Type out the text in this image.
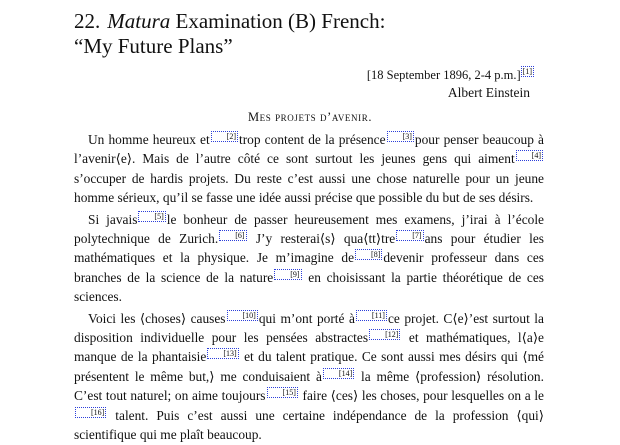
22. Matura Examination (B) French:
“My Future Plans”
[18 September 1896, 2-4 p.m.] [1]
Albert Einstein
Mes projets d’avenir.

Un homme heureux et [2] trop content de la présence [3] pour penser beaucoup à l’avenir⟨e⟩. Mais de l’autre côté ce sont surtout les jeunes gens qui aiment [4] s’occuper de hardis projets. Du reste c’est aussi une chose naturelle pour un jeune homme sérieux, qu’il se fasse une idée aussi précise que possible du but de ses désirs.

Si javais [5] le bonheur de passer heureusement mes examens, j’irai à l’école polytechnique de Zurich. [6] J’y resterai⟨s⟩ qua⟨tt⟩tre [7] ans pour étudier les mathématiques et la physique. Je m’imagine de [8] devenir professeur dans ces branches de la science de la nature [9] en choisissant la partie théorétique de ces sciences.

Voici les ⟨choses⟩ causes [10] qui m’ont porté à [11] ce projet. C⟨e⟩’est surtout la disposition individuelle pour les pensées abstractes [12] et mathématiques, l⟨a⟩e manque de la phantaisie [13] et du talent pratique. Ce sont aussi mes désirs qui ⟨mé présentent le même but,⟩ me conduisaient à [14] la même ⟨profession⟩ résolution. C’est tout naturel; on aime toujours [15] faire ⟨ces⟩ les choses, pour lesquelles on a le[16] talent. Puis c’est aussi une certaine indépendance de la profession ⟨qui⟩ scientifique qui me plaît beaucoup.
